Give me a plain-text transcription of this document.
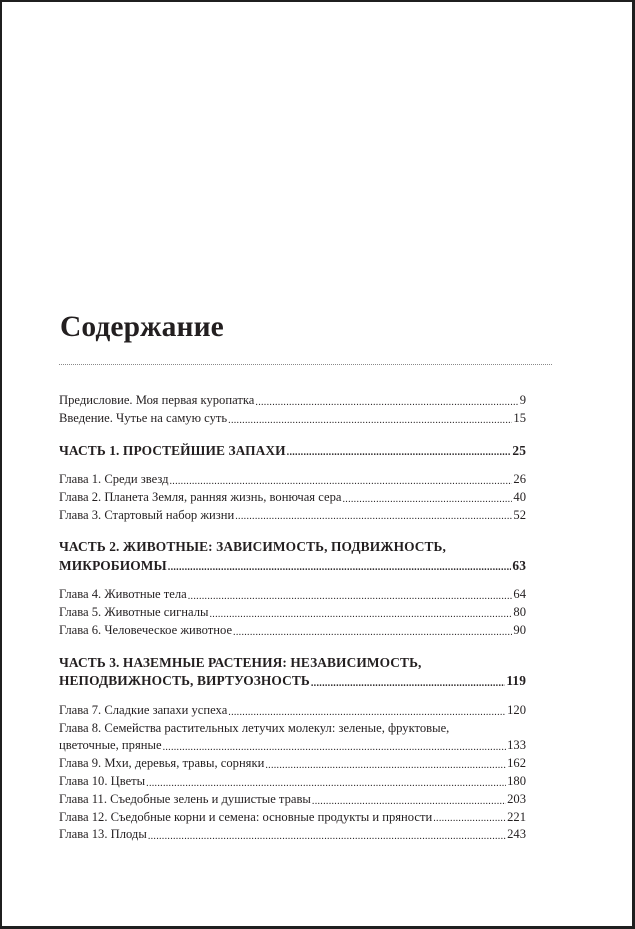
Содержание
Предисловие. Моя первая куропатка .....	9
Введение. Чутье на самую суть .....	15
ЧАСТЬ 1. ПРОСТЕЙШИЕ ЗАПАХИ .....	25
Глава 1. Среди звезд .....	26
Глава 2. Планета Земля, ранняя жизнь, вонючая сера .....	40
Глава 3. Стартовый набор жизни .....	52
ЧАСТЬ 2. ЖИВОТНЫЕ: ЗАВИСИМОСТЬ, ПОДВИЖНОСТЬ,
МИКРОБИОМЫ .....	63
Глава 4. Животные тела .....	64
Глава 5. Животные сигналы .....	80
Глава 6. Человеческое животное .....	90
ЧАСТЬ 3. НАЗЕМНЫЕ РАСТЕНИЯ: НЕЗАВИСИМОСТЬ,
НЕПОДВИЖНОСТЬ, ВИРТУОЗНОСТЬ .....	119
Глава 7. Сладкие запахи успеха .....	120
Глава 8. Семейства растительных летучих молекул: зеленые, фруктовые,
цветочные, пряные .....	133
Глава 9. Мхи, деревья, травы, сорняки .....	162
Глава 10. Цветы .....	180
Глава 11. Съедобные зелень и душистые травы .....	203
Глава 12. Съедобные корни и семена: основные продукты и пряности .....	221
Глава 13. Плоды .....	243
